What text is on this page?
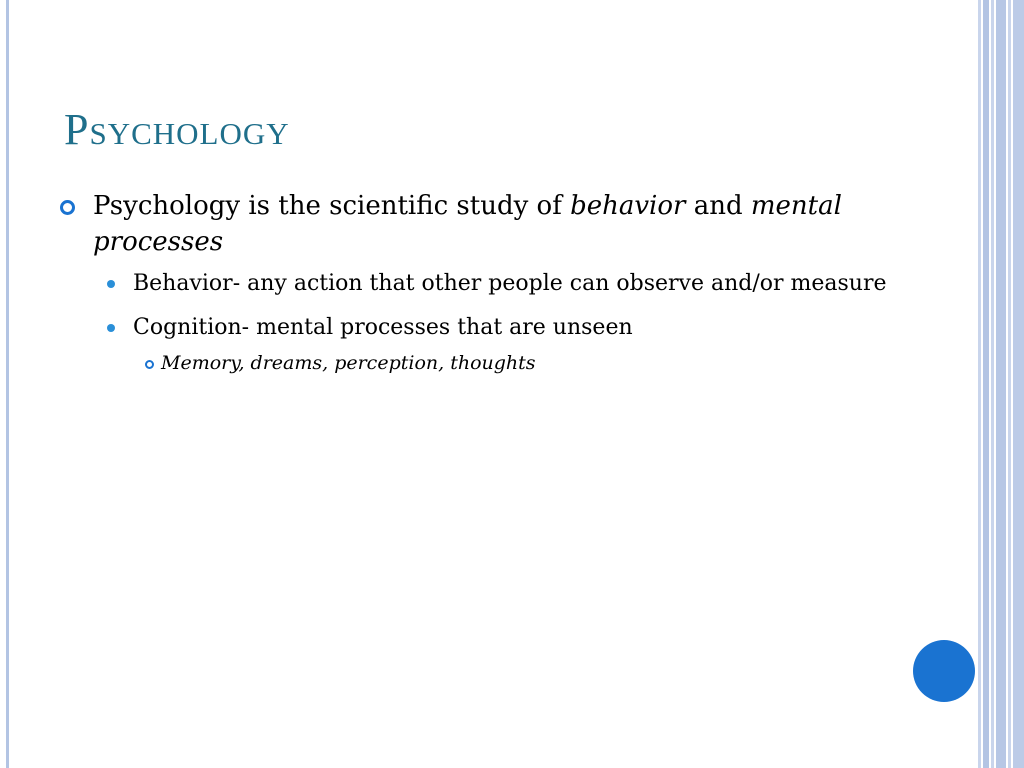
Psychology
Psychology is the scientific study of behavior and mental processes
Behavior- any action that other people can observe and/or measure
Cognition- mental processes that are unseen
Memory, dreams, perception, thoughts
